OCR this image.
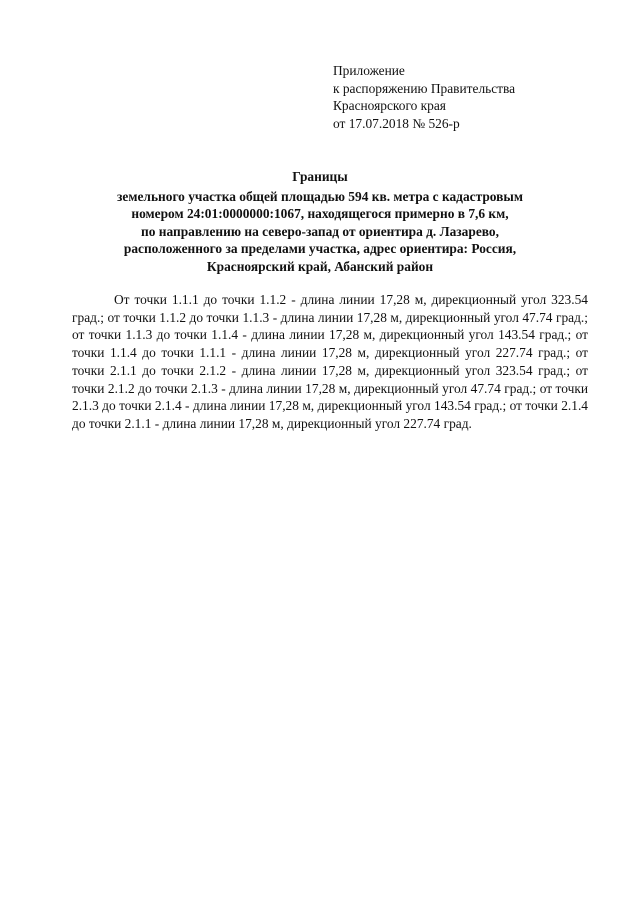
Приложение
к распоряжению Правительства
Красноярского края
от 17.07.2018 № 526-р
Границы
земельного участка общей площадью 594 кв. метра с кадастровым
номером 24:01:0000000:1067, находящегося примерно в 7,6 км,
по направлению на северо-запад от ориентира д. Лазарево,
расположенного за пределами участка, адрес ориентира: Россия,
Красноярский край, Абанский район

От точки 1.1.1 до точки 1.1.2 - длина линии 17,28 м, дирекционный угол 323.54 град.; от точки 1.1.2 до точки 1.1.3 - длина линии 17,28 м, дирекционный угол 47.74 град.; от точки 1.1.3 до точки 1.1.4 - длина линии 17,28 м, дирекционный угол 143.54 град.; от точки 1.1.4 до точки 1.1.1 - длина линии 17,28 м, дирекционный угол 227.74 град.; от точки 2.1.1 до точки 2.1.2 - длина линии 17,28 м, дирекционный угол 323.54 град.; от точки 2.1.2 до точки 2.1.3 - длина линии 17,28 м, дирекционный угол 47.74 град.; от точки 2.1.3 до точки 2.1.4 - длина линии 17,28 м, дирекционный угол 143.54 град.; от точки 2.1.4 до точки 2.1.1 - длина линии 17,28 м, дирекционный угол 227.74 град.
